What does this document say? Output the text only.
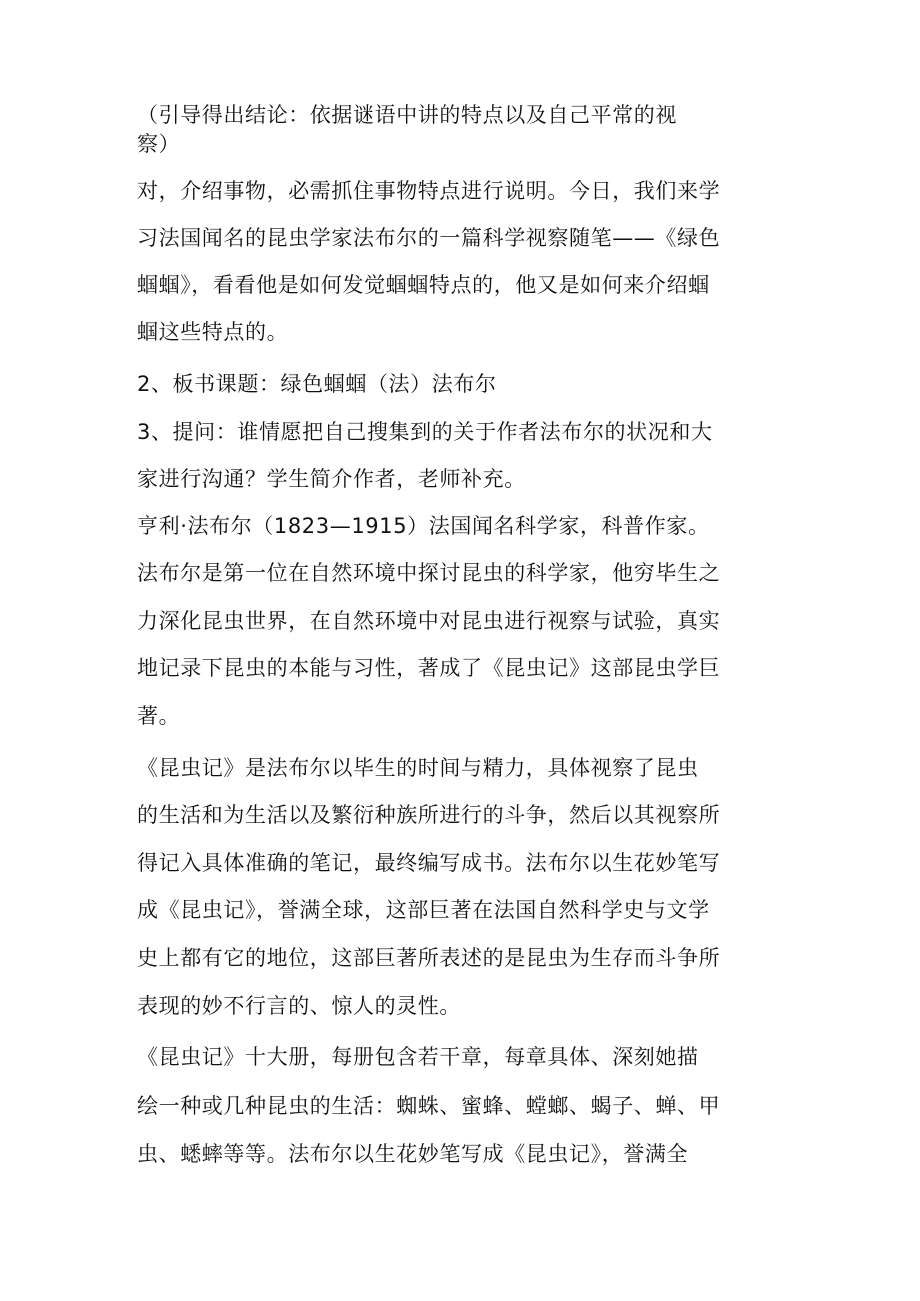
（引导得出结论：依据谜语中讲的特点以及自己平常的视
察）
对，介绍事物，必需抓住事物特点进行说明。今日，我们来学
习法国闻名的昆虫学家法布尔的一篇科学视察随笔——《绿色
蝈蝈》，看看他是如何发觉蝈蝈特点的，他又是如何来介绍蝈
蝈这些特点的。
2、板书课题：绿色蝈蝈（法）法布尔
3、提问：谁情愿把自己搜集到的关于作者法布尔的状况和大
家进行沟通？学生简介作者，老师补充。
亨利·法布尔（1823—1915）法国闻名科学家，科普作家。
法布尔是第一位在自然环境中探讨昆虫的科学家，他穷毕生之
力深化昆虫世界，在自然环境中对昆虫进行视察与试验，真实
地记录下昆虫的本能与习性，著成了《昆虫记》这部昆虫学巨
著。
《昆虫记》是法布尔以毕生的时间与精力，具体视察了昆虫
的生活和为生活以及繁衍种族所进行的斗争，然后以其视察所
得记入具体准确的笔记，最终编写成书。法布尔以生花妙笔写
成《昆虫记》，誉满全球，这部巨著在法国自然科学史与文学
史上都有它的地位，这部巨著所表述的是昆虫为生存而斗争所
表现的妙不行言的、惊人的灵性。
《昆虫记》十大册，每册包含若干章，每章具体、深刻她描
绘一种或几种昆虫的生活：蜘蛛、蜜蜂、螳螂、蝎子、蝉、甲
虫、蟋蟀等等。法布尔以生花妙笔写成《昆虫记》，誉满全
